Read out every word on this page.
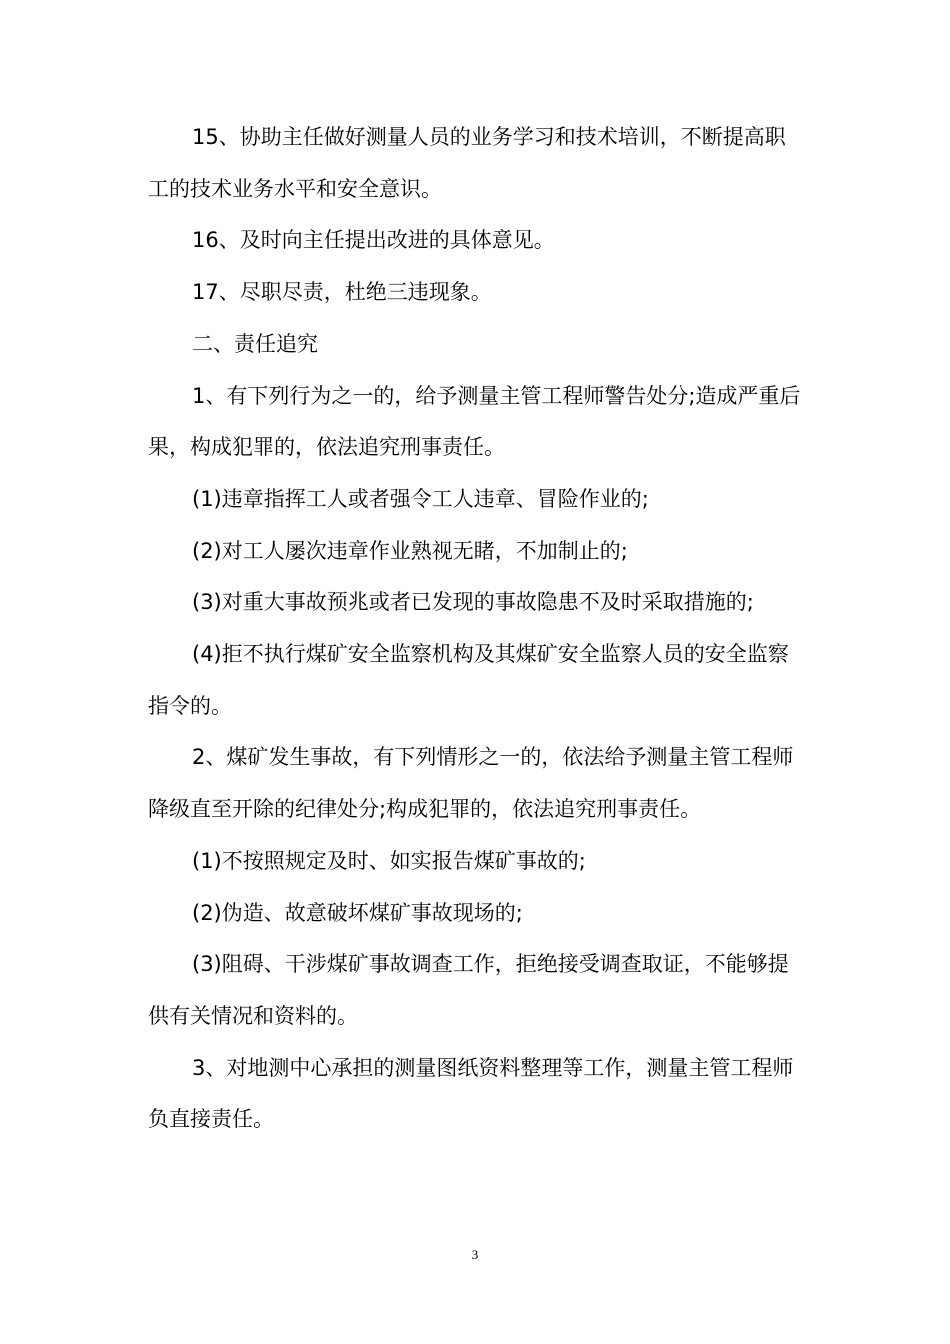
15、协助主任做好测量人员的业务学习和技术培训，不断提高职工的技术业务水平和安全意识。

16、及时向主任提出改进的具体意见。

17、尽职尽责，杜绝三违现象。

二、责任追究

1、有下列行为之一的，给予测量主管工程师警告处分;造成严重后果，构成犯罪的，依法追究刑事责任。

(1)违章指挥工人或者强令工人违章、冒险作业的;

(2)对工人屡次违章作业熟视无睹，不加制止的;

(3)对重大事故预兆或者已发现的事故隐患不及时采取措施的;

(4)拒不执行煤矿安全监察机构及其煤矿安全监察人员的安全监察指令的。

2、煤矿发生事故，有下列情形之一的，依法给予测量主管工程师降级直至开除的纪律处分;构成犯罪的，依法追究刑事责任。

(1)不按照规定及时、如实报告煤矿事故的;

(2)伪造、故意破坏煤矿事故现场的;

(3)阻碍、干涉煤矿事故调查工作，拒绝接受调查取证，不能够提供有关情况和资料的。

3、对地测中心承担的测量图纸资料整理等工作，测量主管工程师负直接责任。

3
